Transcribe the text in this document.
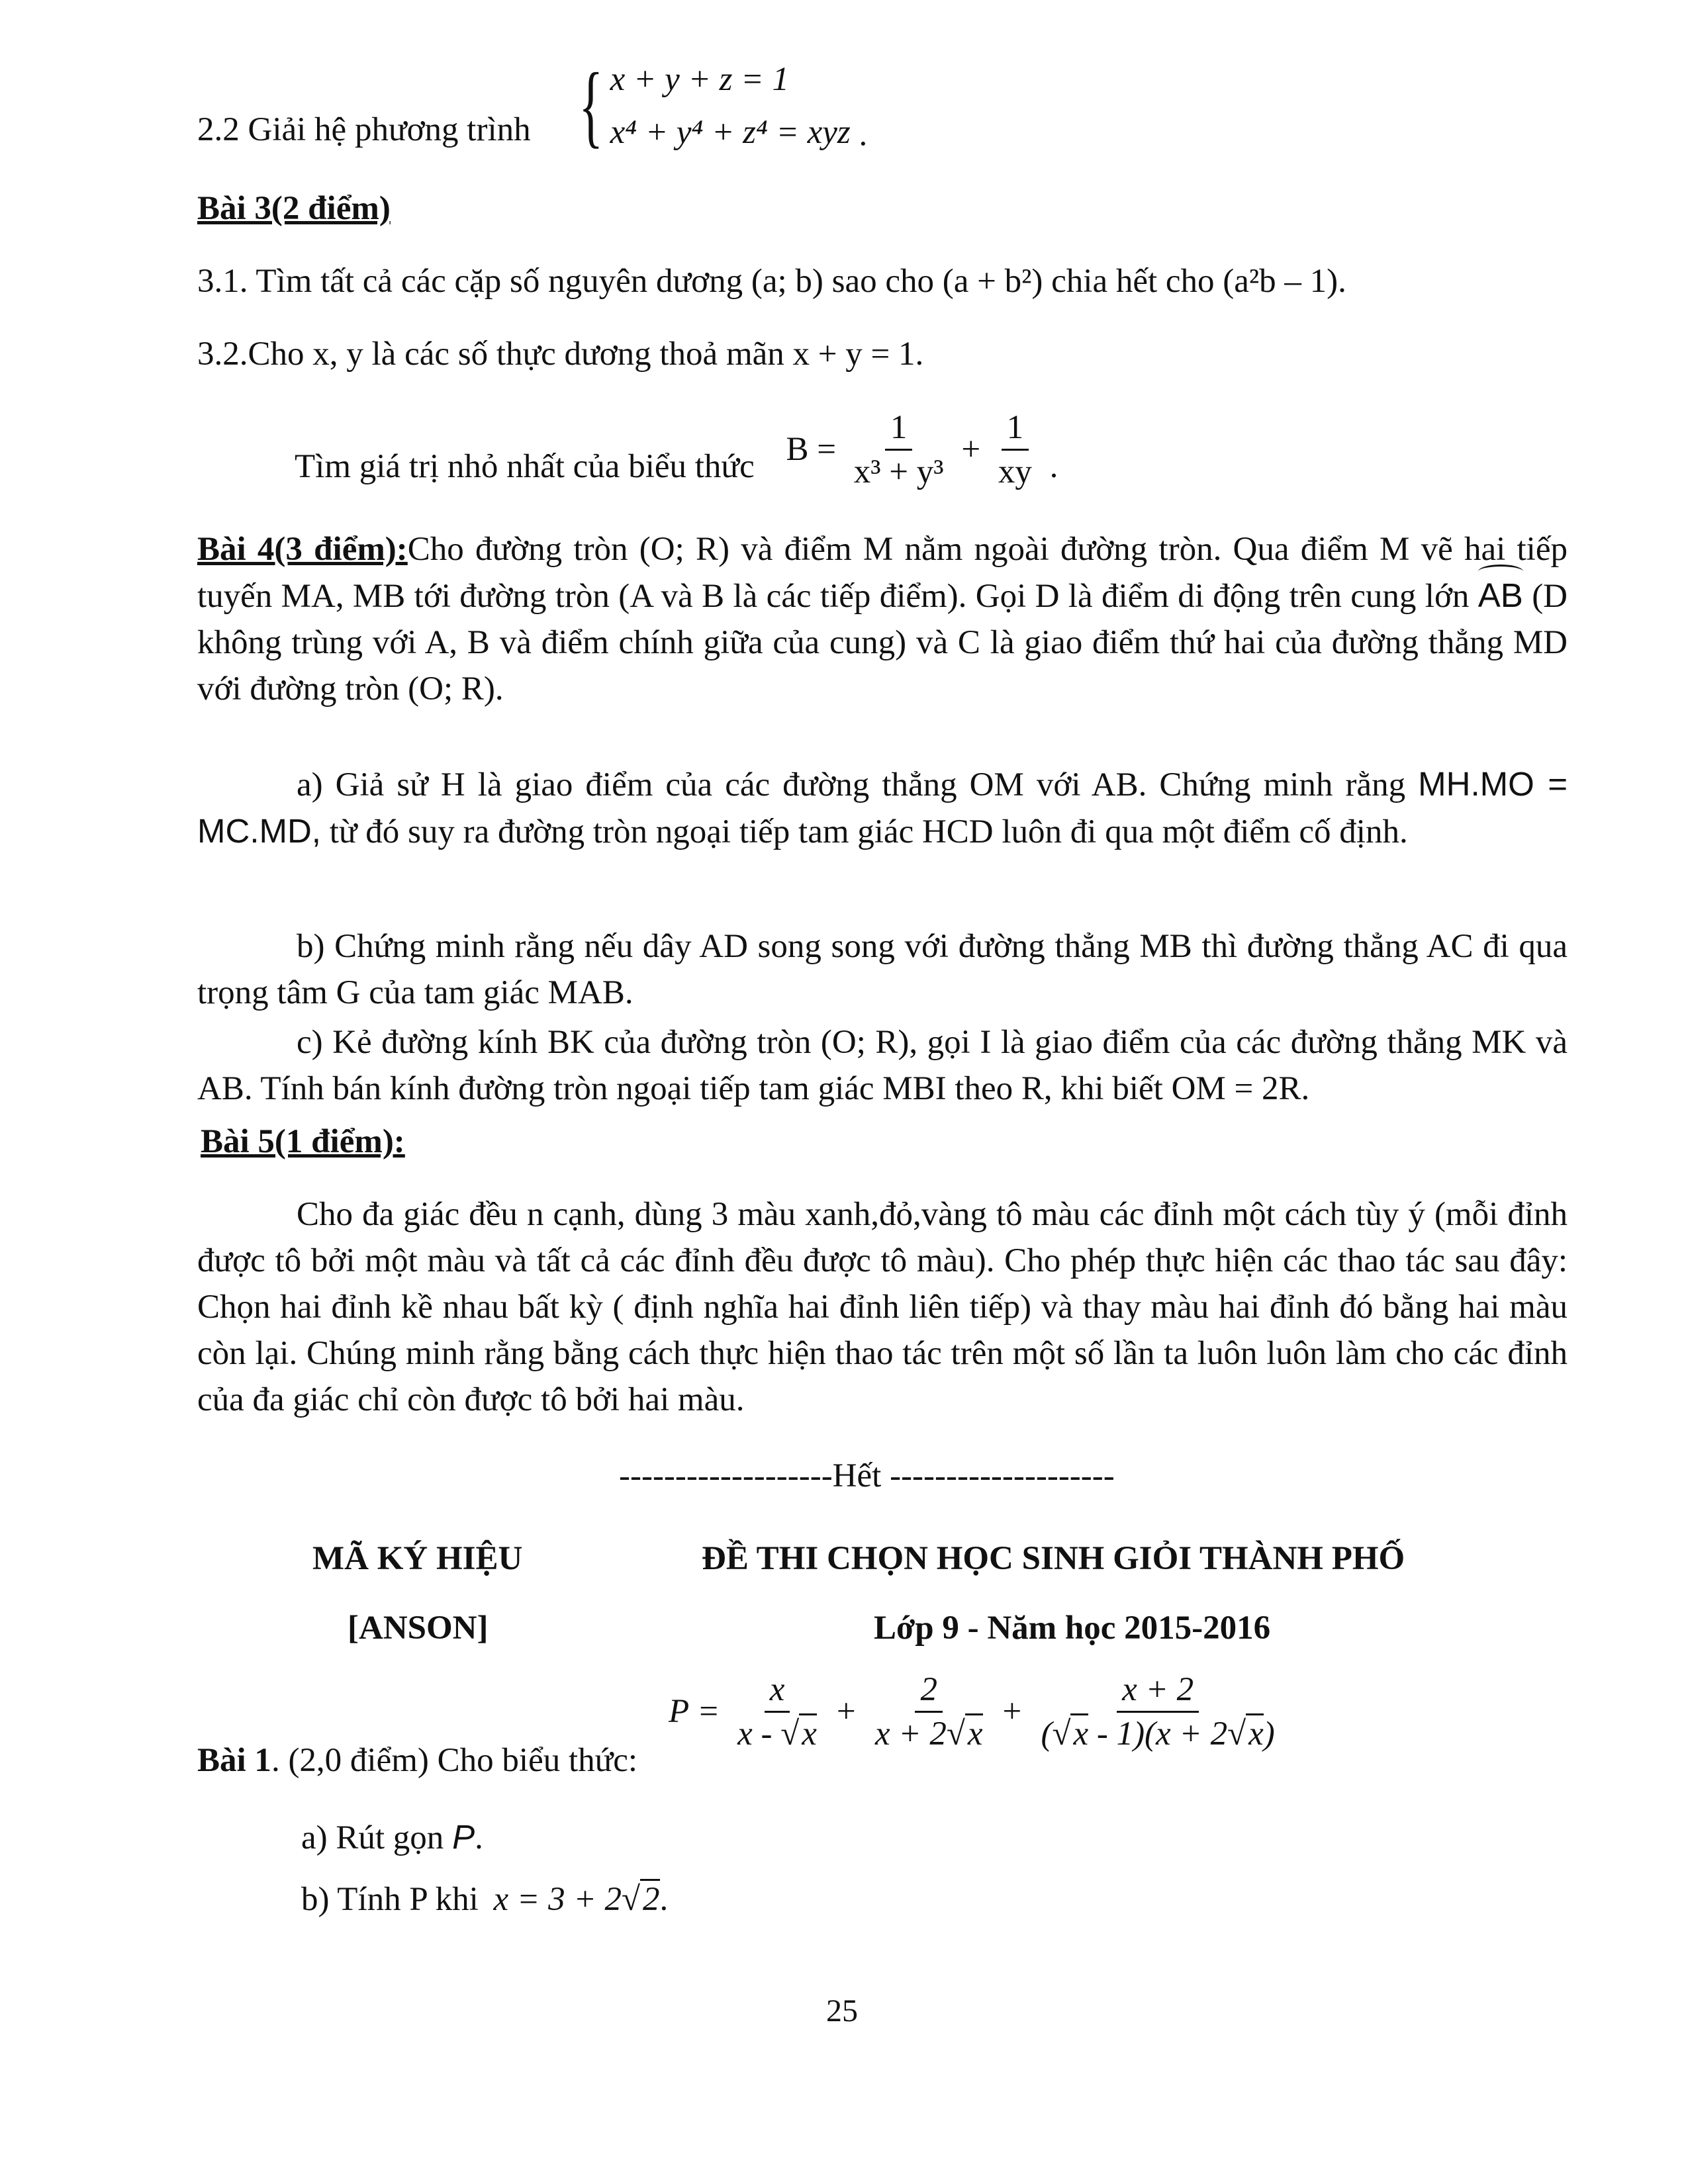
2.2 Giải hệ phương trình { x + y + z = 1
x⁴ + y⁴ + z⁴ = xyz .
Bài 3(2 điểm)
3.1. Tìm tất cả các cặp số nguyên dương (a; b) sao cho (a + b²) chia hết cho (a²b – 1).
3.2.Cho x, y là các số thực dương thoả mãn x + y = 1.
Tìm giá trị nhỏ nhất của biểu thức $B = \frac{1}{\text{x³ + y³}} + \frac{1}{xy}$ .
Bài 4(3 điểm):Cho đường tròn (O; R) và điểm M nằm ngoài đường tròn. Qua điểm M vẽ hai tiếp tuyến MA, MB tới đường tròn (A và B là các tiếp điểm). Gọi D là điểm di động trên cung lớn AB (D không trùng với A, B và điểm chính giữa của cung) và C là giao điểm thứ hai của đường thẳng MD với đường tròn (O; R).
a) Giả sử H là giao điểm của các đường thẳng OM với AB. Chứng minh rằng MH.MO = MC.MD, từ đó suy ra đường tròn ngoại tiếp tam giác HCD luôn đi qua một điểm cố định.
b) Chứng minh rằng nếu dây AD song song với đường thẳng MB thì đường thẳng AC đi qua trọng tâm G của tam giác MAB.
c) Kẻ đường kính BK của đường tròn (O; R), gọi I là giao điểm của các đường thẳng MK và AB. Tính bán kính đường tròn ngoại tiếp tam giác MBI theo R, khi biết OM = 2R.
Bài 5(1 điểm):
Cho đa giác đều n cạnh, dùng 3 màu xanh,đỏ,vàng tô màu các đỉnh một cách tùy ý (mỗi đỉnh được tô bởi một màu và tất cả các đỉnh đều được tô màu). Cho phép thực hiện các thao tác sau đây: Chọn hai đỉnh kề nhau bất kỳ ( định nghĩa hai đỉnh liên tiếp) và thay màu hai đỉnh đó bằng hai màu còn lại. Chúng minh rằng bằng cách thực hiện thao tác trên một số lần ta luôn luôn làm cho các đỉnh của đa giác chỉ còn được tô bởi hai màu.
-------------------Hết --------------------
MÃ KÝ HIỆU	ĐỀ THI CHỌN HỌC SINH GIỎI THÀNH PHỐ
[ANSON]	Lớp 9 - Năm học 2015-2016
Bài 1. (2,0 điểm) Cho biểu thức:
$P = \frac{x}{x - √x} + \frac{2}{x + 2√x} + \frac{x + 2}{(√x - 1)(x + 2√x)}$
a) Rút gọn P.
b) Tính P khi x = 3 + 2√2.
25
